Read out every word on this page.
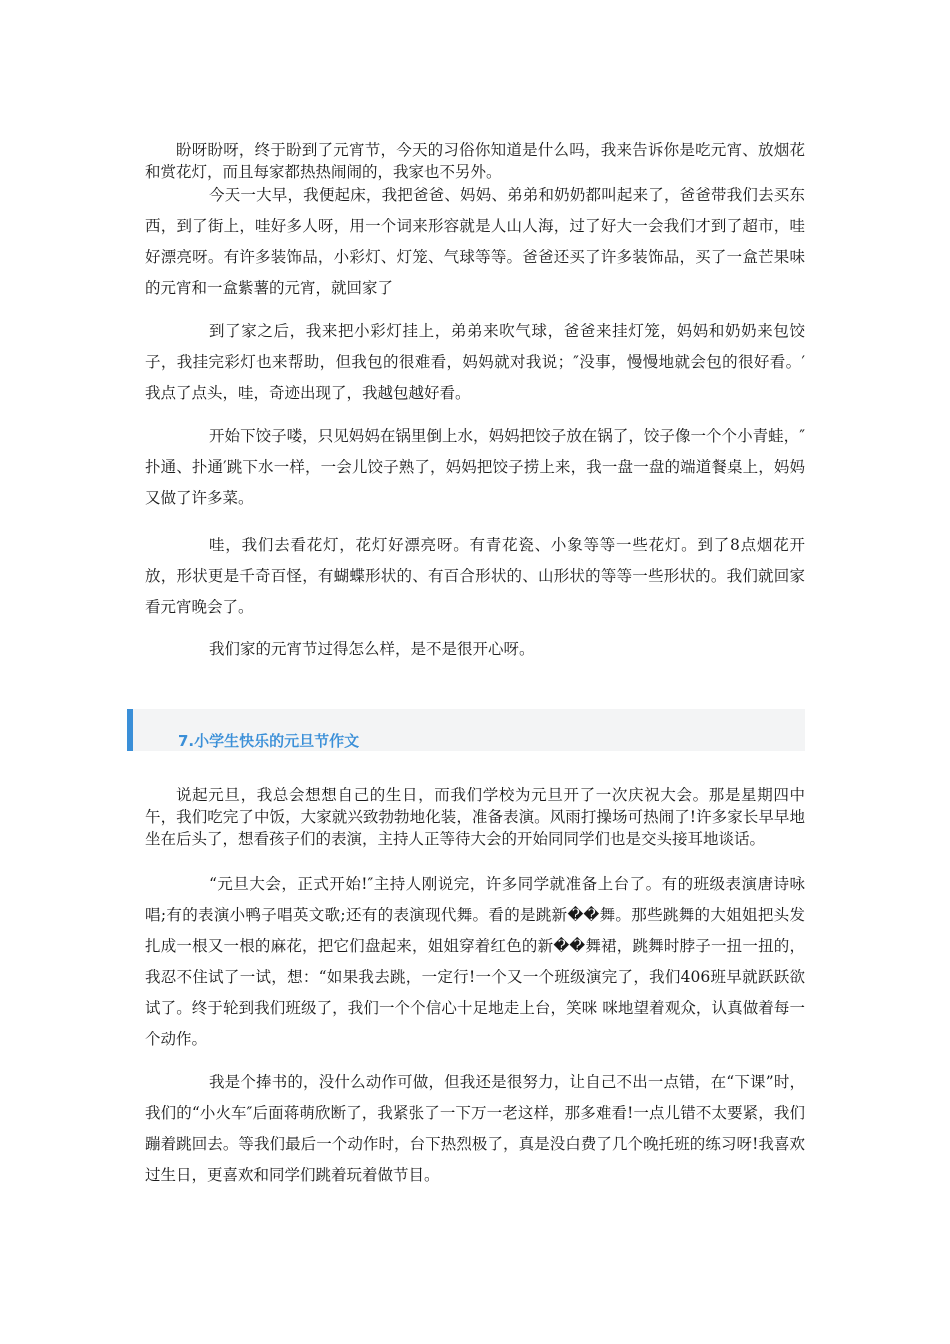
盼呀盼呀，终于盼到了元宵节，今天的习俗你知道是什么吗，我来告诉你是吃元宵、放烟花和赏花灯，而且每家都热热闹闹的，我家也不另外。

今天一大早，我便起床，我把爸爸、妈妈、弟弟和奶奶都叫起来了，爸爸带我们去买东西，到了街上，哇好多人呀，用一个词来形容就是人山人海，过了好大一会我们才到了超市，哇好漂亮呀。有许多装饰品，小彩灯、灯笼、气球等等。爸爸还买了许多装饰品，买了一盒芒果味的元宵和一盒紫薯的元宵，就回家了

到了家之后，我来把小彩灯挂上，弟弟来吹气球，爸爸来挂灯笼，妈妈和奶奶来包饺子，我挂完彩灯也来帮助，但我包的很难看，妈妈就对我说；″没事，慢慢地就会包的很好看。′我点了点头，哇，奇迹出现了，我越包越好看。

开始下饺子喽，只见妈妈在锅里倒上水，妈妈把饺子放在锅了，饺子像一个个小青蛙，″扑通、扑通′跳下水一样，一会儿饺子熟了，妈妈把饺子捞上来，我一盘一盘的端道餐桌上，妈妈又做了许多菜。

哇，我们去看花灯，花灯好漂亮呀。有青花瓷、小象等等一些花灯。到了8点烟花开放，形状更是千奇百怪，有蝴蝶形状的、有百合形状的、山形状的等等一些形状的。我们就回家看元宵晚会了。

我们家的元宵节过得怎么样，是不是很开心呀。

7.小学生快乐的元旦节作文

说起元旦，我总会想想自己的生日，而我们学校为元旦开了一次庆祝大会。那是星期四中午，我们吃完了中饭，大家就兴致勃勃地化装，准备表演。风雨打操场可热闹了!许多家长早早地坐在后头了，想看孩子们的表演，主持人正等待大会的开始同同学们也是交头接耳地谈话。

“元旦大会，正式开始!″主持人刚说完，许多同学就准备上台了。有的班级表演唐诗咏唱;有的表演小鸭子唱英文歌;还有的表演现代舞。看的是跳新��舞。那些跳舞的大姐姐把头发扎成一根又一根的麻花，把它们盘起来，姐姐穿着红色的新��舞裙，跳舞时脖子一扭一扭的，我忍不住试了一试，想：“如果我去跳，一定行!一个又一个班级演完了，我们406班早就跃跃欲试了。终于轮到我们班级了，我们一个个信心十足地走上台，笑咪 咪地望着观众，认真做着每一个动作。

我是个捧书的，没什么动作可做，但我还是很努力，让自己不出一点错，在“下课”时，我们的“小火车″后面蒋萌欣断了，我紧张了一下万一老这样，那多难看!一点儿错不太要紧，我们蹦着跳回去。等我们最后一个动作时，台下热烈极了，真是没白费了几个晚托班的练习呀!我喜欢过生日，更喜欢和同学们跳着玩着做节目。
